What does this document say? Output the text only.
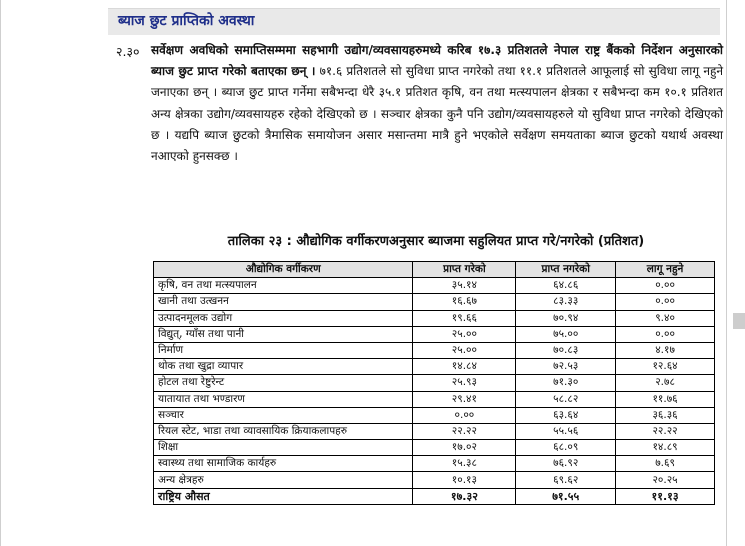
ब्याज छुट प्राप्तिको अवस्था
२.३० सर्वेक्षण अवधिको समाप्तिसम्ममा सहभागी उद्योग/व्यवसायहरुमध्ये करिब १७.३ प्रतिशतले नेपाल राष्ट्र बैंकको निर्देशन अनुसारको ब्याज छुट प्राप्त गरेको बताएका छन् । ७१.६ प्रतिशतले सो सुविधा प्राप्त नगरेको तथा ११.१ प्रतिशतले आफूलाई सो सुविधा लागू नहुने जनाएका छन् । ब्याज छुट प्राप्त गर्नेमा सबैभन्दा धेरै ३५.१ प्रतिशत कृषि, वन तथा मत्स्यपालन क्षेत्रका र सबैभन्दा कम १०.१ प्रतिशत अन्य क्षेत्रका उद्योग/व्यवसायहरु रहेको देखिएको छ । सञ्चार क्षेत्रका कुनै पनि उद्योग/व्यवसायहरुले यो सुविधा प्राप्त नगरेको देखिएको छ । यद्यपि ब्याज छुटको त्रैमासिक समायोजन असार मसान्तमा मात्रै हुने भएकोले सर्वेक्षण समयताका ब्याज छुटको यथार्थ अवस्था नआएको हुनसक्छ ।
तालिका २३ : औद्योगिक वर्गीकरणअनुसार ब्याजमा सहुलियत प्राप्त गरे/नगरेको (प्रतिशत)
औद्योगिक वर्गीकरण	प्राप्त गरेको	प्राप्त नगरेको	लागू नहुने
कृषि, वन तथा मत्स्यपालन	३५.१४	६४.८६	०.००
खानी तथा उत्खनन	१६.६७	८३.३३	०.००
उत्पादनमूलक उद्योग	१९.६६	७०.९४	९.४०
विद्युत्, ग्याँस तथा पानी	२५.००	७५.००	०.००
निर्माण	२५.००	७०.८३	४.१७
थोक तथा खुद्रा व्यापार	१४.८४	७२.५३	१२.६४
होटल तथा रेष्टुरेन्ट	२५.९३	७१.३०	२.७८
यातायात तथा भण्डारण	२९.४१	५८.८२	११.७६
सञ्चार	०.००	६३.६४	३६.३६
रियल स्टेट, भाडा तथा व्यावसायिक क्रियाकलापहरु	२२.२२	५५.५६	२२.२२
शिक्षा	१७.०२	६८.०९	१४.८९
स्वास्थ्य तथा सामाजिक कार्यहरु	१५.३८	७६.९२	७.६९
अन्य क्षेत्रहरु	१०.१३	६९.६२	२०.२५
राष्ट्रिय औसत	१७.३२	७१.५५	११.१३
